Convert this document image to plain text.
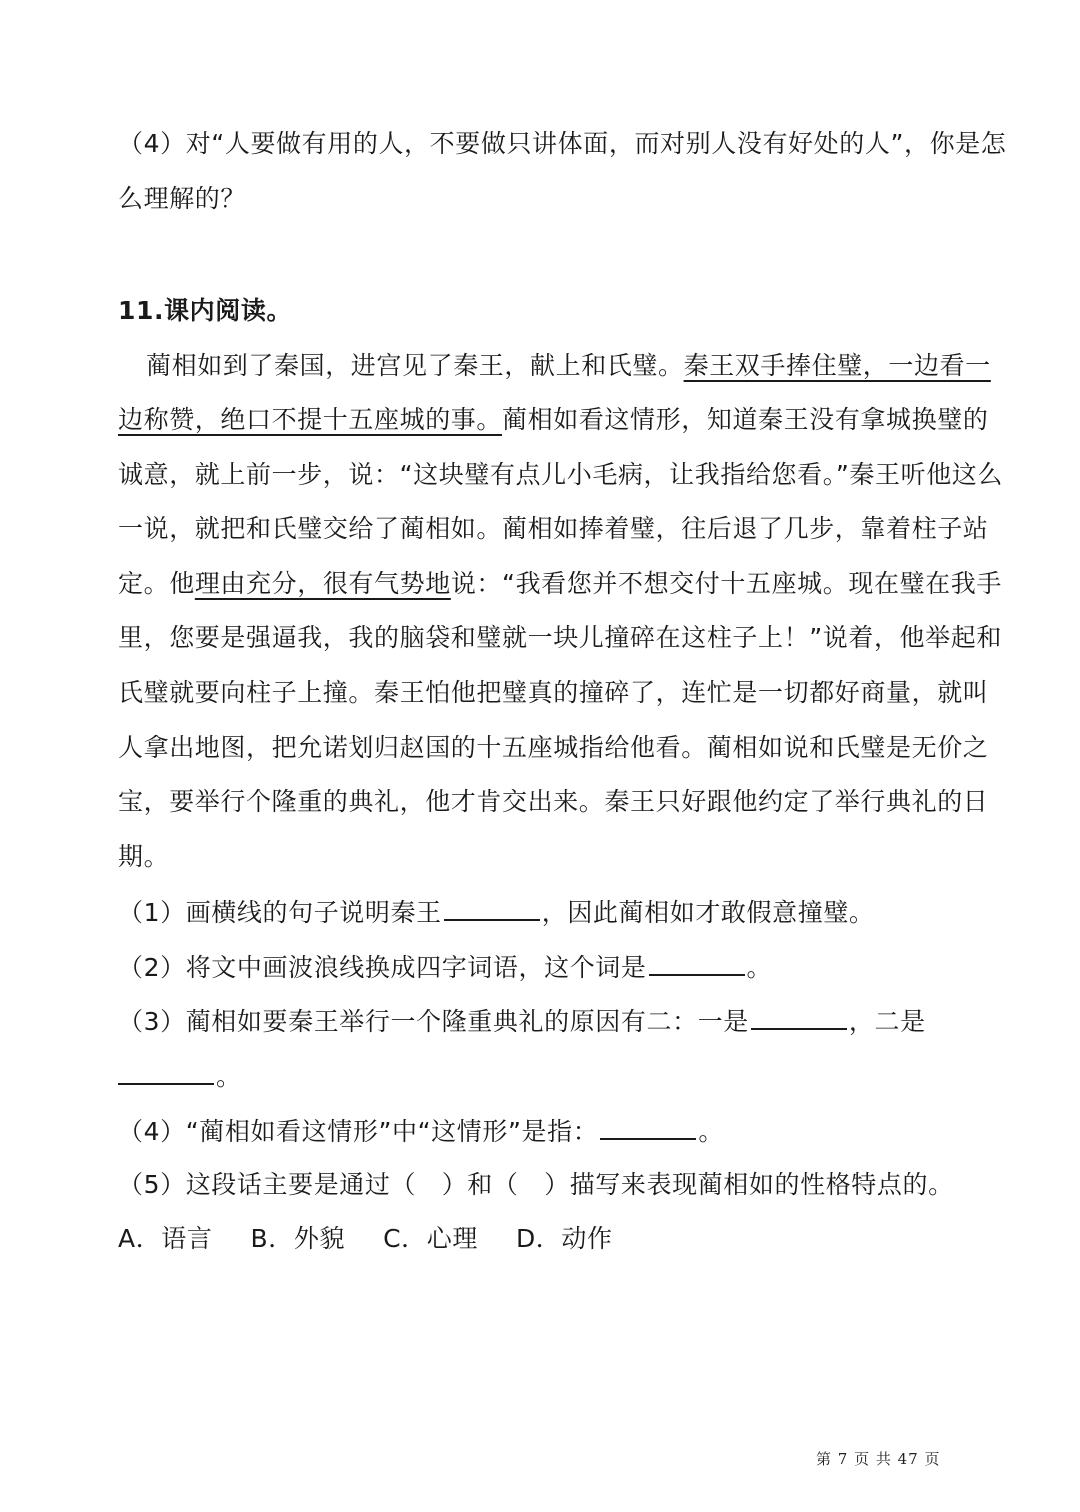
（4）对“人要做有用的人，不要做只讲体面，而对别人没有好处的人”，你是怎

么理解的？

11.课内阅读。

蔺相如到了秦国，进宫见了秦王，献上和氏璧。秦王双手捧住璧，一边看一

边称赞，绝口不提十五座城的事。蔺相如看这情形，知道秦王没有拿城换璧的

诚意，就上前一步，说：“这块璧有点儿小毛病，让我指给您看。”秦王听他这么

一说，就把和氏璧交给了蔺相如。蔺相如捧着璧，往后退了几步，靠着柱子站

定。他理由充分，很有气势地说：“我看您并不想交付十五座城。现在璧在我手

里，您要是强逼我，我的脑袋和璧就一块儿撞碎在这柱子上！”说着，他举起和

氏璧就要向柱子上撞。秦王怕他把璧真的撞碎了，连忙是一切都好商量，就叫

人拿出地图，把允诺划归赵国的十五座城指给他看。蔺相如说和氏璧是无价之

宝，要举行个隆重的典礼，他才肯交出来。秦王只好跟他约定了举行典礼的日

期。

（1）画横线的句子说明秦王	，因此蔺相如才敢假意撞璧。

（2）将文中画波浪线换成四字词语，这个词是	。

（3）蔺相如要秦王举行一个隆重典礼的原因有二：一是	，二是

。

（4）“蔺相如看这情形”中“这情形”是指：	。

（5）这段话主要是通过（　）和（　）描写来表现蔺相如的性格特点的。

A．语言 B．外貌 C．心理 D．动作

第 7 页 共 47 页
